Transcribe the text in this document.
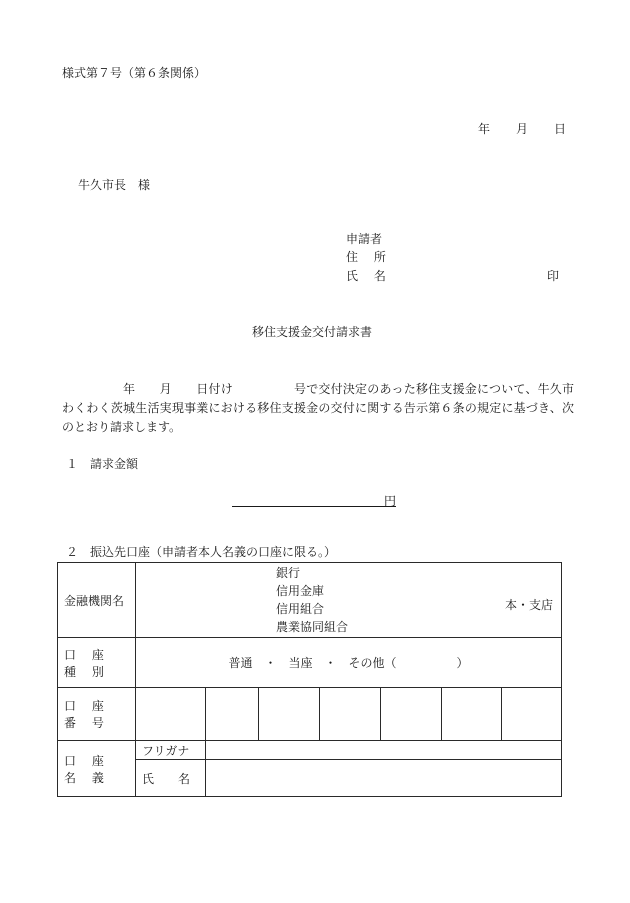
様式第７号（第６条関係）
年 月 日
牛久市長　様
申請者
住 所
氏 名	印
移住支援金交付請求書
　　　　　年　　月　　日付け　　　　　号で交付決定のあった移住支援金について、牛久市わくわく茨城生活実現事業における移住支援金の交付に関する告示第６条の規定に基づき、次のとおり請求します。
１　請求金額
円
２　振込先口座（申請者本人名義の口座に限る。）
金融機関名	銀行
信用金庫
信用組合
農業協同組合
本・支店						

口 座 種 別	普通　・　当座　・　その他（　　　　　）						
口 座 番 号							
口 座 名 義	フリガナ						
	氏　　名						
